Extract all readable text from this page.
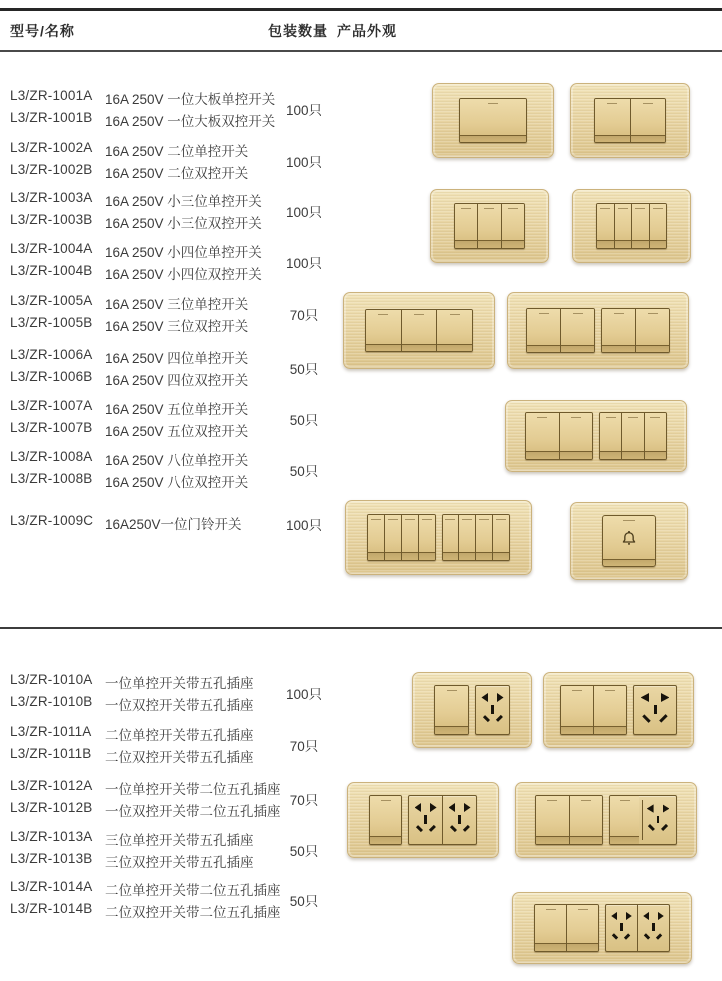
型号/名称	包装数量 产品外观
L3/ZR-1001A 16A 250V 一位大板单控开关
L3/ZR-1001B 16A 250V 一位大板双控开关
100只
L3/ZR-1002A 16A 250V 二位单控开关
L3/ZR-1002B 16A 250V 二位双控开关
100只
L3/ZR-1003A 16A 250V 小三位单控开关
L3/ZR-1003B 16A 250V 小三位双控开关
100只
L3/ZR-1004A 16A 250V 小四位单控开关
L3/ZR-1004B 16A 250V 小四位双控开关
100只
L3/ZR-1005A 16A 250V 三位单控开关
L3/ZR-1005B 16A 250V 三位双控开关
70只
L3/ZR-1006A 16A 250V 四位单控开关
L3/ZR-1006B 16A 250V 四位双控开关
50只
L3/ZR-1007A 16A 250V 五位单控开关
L3/ZR-1007B 16A 250V 五位双控开关
50只
L3/ZR-1008A 16A 250V 八位单控开关
L3/ZR-1008B 16A 250V 八位双控开关
50只
L3/ZR-1009C 16A250V一位门铃开关	100只
L3/ZR-1010A 一位单控开关带五孔插座
L3/ZR-1010B 一位双控开关带五孔插座
100只
L3/ZR-1011A 二位单控开关带五孔插座
L3/ZR-1011B 二位双控开关带五孔插座
70只
L3/ZR-1012A 一位单控开关带二位五孔插座
L3/ZR-1012B 一位双控开关带二位五孔插座
70只
L3/ZR-1013A 三位单控开关带五孔插座
L3/ZR-1013B 三位双控开关带五孔插座
50只
L3/ZR-1014A 二位单控开关带二位五孔插座
L3/ZR-1014B 二位双控开关带二位五孔插座
50只
